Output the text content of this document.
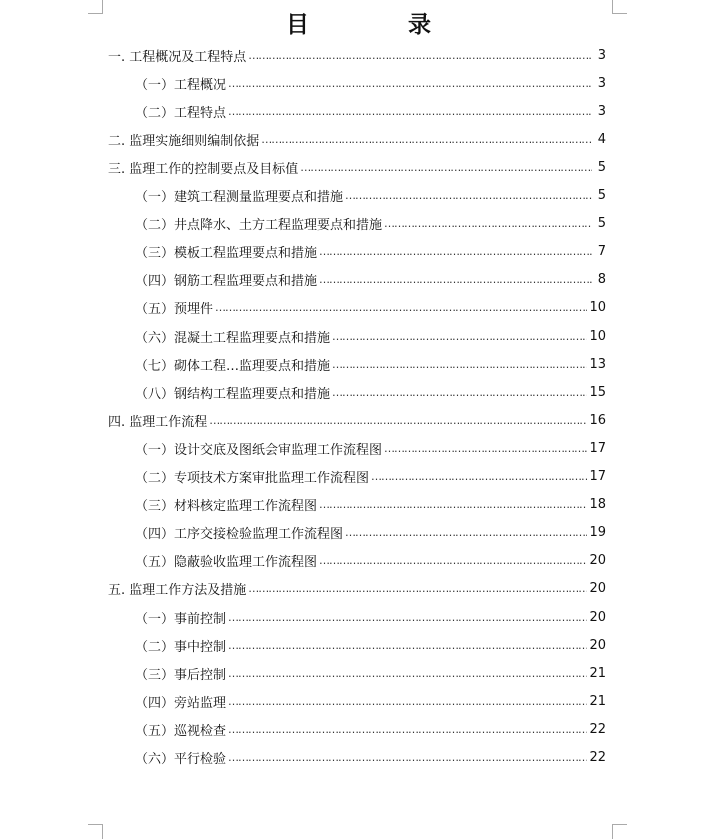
目　录
一. 工程概况及工程特点 ……………………………………………………………………………………………………………………………………………………………	3
（一）工程概况 ……………………………………………………………………………………………………………………………………………………………	3
（二）工程特点 ……………………………………………………………………………………………………………………………………………………………	3
二. 监理实施细则编制依据 ……………………………………………………………………………………………………………………………………………………………	4
三. 监理工作的控制要点及目标值 ……………………………………………………………………………………………………………………………………………………………	5
（一）建筑工程测量监理要点和措施 ……………………………………………………………………………………………………………………………………………………………	5
（二）井点降水、土方工程监理要点和措施 ……………………………………………………………………………………………………………………………………………………………	5
（三）模板工程监理要点和措施 ……………………………………………………………………………………………………………………………………………………………	7
（四）钢筋工程监理要点和措施 ……………………………………………………………………………………………………………………………………………………………	8
（五）预埋件 ……………………………………………………………………………………………………………………………………………………………	10
（六）混凝土工程监理要点和措施 ……………………………………………………………………………………………………………………………………………………………	10
（七）砌体工程…监理要点和措施 ……………………………………………………………………………………………………………………………………………………………	13
（八）钢结构工程监理要点和措施 ……………………………………………………………………………………………………………………………………………………………	15
四. 监理工作流程 ……………………………………………………………………………………………………………………………………………………………	16
（一）设计交底及图纸会审监理工作流程图 ……………………………………………………………………………………………………………………………………………………………	17
（二）专项技术方案审批监理工作流程图 ……………………………………………………………………………………………………………………………………………………………	17
（三）材料核定监理工作流程图 ……………………………………………………………………………………………………………………………………………………………	18
（四）工序交接检验监理工作流程图 ……………………………………………………………………………………………………………………………………………………………	19
（五）隐蔽验收监理工作流程图 ……………………………………………………………………………………………………………………………………………………………	20
五. 监理工作方法及措施 ……………………………………………………………………………………………………………………………………………………………	20
（一）事前控制 ……………………………………………………………………………………………………………………………………………………………	20
（二）事中控制 ……………………………………………………………………………………………………………………………………………………………	20
（三）事后控制 ……………………………………………………………………………………………………………………………………………………………	21
（四）旁站监理 ……………………………………………………………………………………………………………………………………………………………	21
（五）巡视检查 ……………………………………………………………………………………………………………………………………………………………	22
（六）平行检验 ……………………………………………………………………………………………………………………………………………………………	22
